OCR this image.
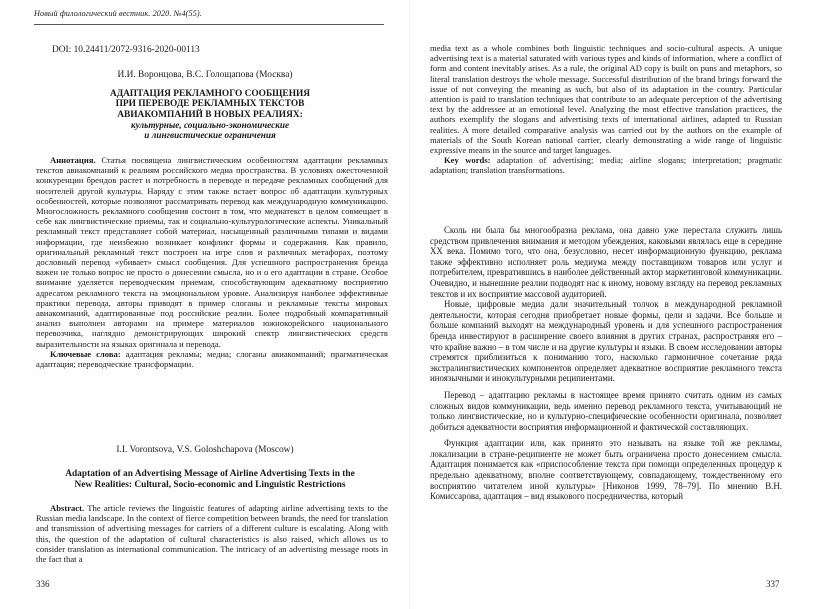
Новый филологический вестник. 2020. №4(55).
DOI: 10.24411/2072-9316-2020-00113
И.И. Воронцова, В.С. Голощапова (Москва)
АДАПТАЦИЯ РЕКЛАМНОГО СООБЩЕНИЯ
ПРИ ПЕРЕВОДЕ РЕКЛАМНЫХ ТЕКСТОВ
АВИАКОМПАНИЙ В НОВЫХ РЕАЛИЯХ:
культурные, социально-экономические
и лингвистические ограничения

Аннотация. Статья посвящена лингвистическим особенностям адаптации рекламных текстов авиакомпаний к реалиям российского медиа пространства. В условиях ожесточенной конкуренции брендов растет и потребность в переводе и передаче рекламных сообщений для носителей другой культуры. Наряду с этим также встает вопрос об адаптации культурных особенностей, которые позволяют рассматривать перевод как международную коммуникацию. Многосложность рекламного сообщения состоит в том, что медиатекст в целом совмещает в себе как лингвистические приемы, так и социально-культурологические аспекты. Уникальный рекламный текст представляет собой материал, насыщенный различными типами и видами информации, где неизбежно возникает конфликт формы и содержания. Как правило, оригинальный рекламный текст построен на игре слов и различных метафорах, поэтому дословный перевод «убивает» смысл сообщения. Для успешного распространения бренда важен не только вопрос не просто о донесении смысла, но и о его адаптации в стране. Особое внимание уделяется переводческим приемам, способствующим адекватному восприятию адресатом рекламного текста на эмоциональном уровне. Анализируя наиболее эффективные практики перевода, авторы приводят в пример слоганы и рекламные тексты мировых авиакомпаний, адаптированные под российские реалии. Более подробный компаративный анализ выполнен авторами на примере материалов южнокорейского национального перевозчика, наглядно демонстрирующих широкий спектр лингвистических средств выразительности на языках оригинала и перевода.

Ключевые слова: адаптация рекламы; медиа; слоганы авиакомпаний; прагматическая адаптация; переводческие трансформации.

I.I. Vorontsova, V.S. Goloshchapova (Moscow)
Adaptation of an Advertising Message of Airline Advertising Texts in the
New Realities: Cultural, Socio-economic and Linguistic Restrictions

Abstract. The article reviews the linguistic features of adapting airline advertising texts to the Russian media landscape. In the context of fierce competition between brands, the need for translation and transmission of advertising messages for carriers of a different culture is escalating. Along with this, the question of the adaptation of cultural characteristics is also raised, which allows us to consider translation as international communication. The intricacy of an advertising message roots in the fact that a

336

media text as a whole combines both linguistic techniques and socio-cultural aspects. A unique advertising text is a material saturated with various types and kinds of information, where a conflict of form and content inevitably arises. As a rule, the original AD copy is built on puns and metaphors, so literal translation destroys the whole message. Successful distribution of the brand brings forward the issue of not conveying the meaning as such, but also of its adaptation in the country. Particular attention is paid to translation techniques that contribute to an adequate perception of the advertising text by the addressee at an emotional level. Analyzing the most effective translation practices, the authors exemplify the slogans and advertising texts of international airlines, adapted to Russian realities. A more detailed comparative analysis was carried out by the authors on the example of materials of the South Korean national carrier, clearly demonstrating a wide range of linguistic expressive means in the source and target languages.

Key words: adaptation of advertising; media; airline slogans; interpretation; pragmatic adaptation; translation transformations.

Сколь ни была бы многообразна реклама, она давно уже перестала служить лишь средством привлечения внимания и методом убеждения, каковыми являлась еще в середине XX века. Помимо того, что она, безусловно, несет информационную функцию, реклама также эффективно исполняет роль медиума между поставщиком товаров или услуг и потребителем, превратившись в наиболее действенный актор маркетинговой коммуникации. Очевидно, и нынешние реалии подводят нас к иному, новому взгляду на перевод рекламных текстов и их восприятие массовой аудиторией.

Новые, цифровые медиа дали значительный толчок в международной рекламной деятельности, которая сегодня приобретает новые формы, цели и задачи. Все больше и больше компаний выходят на международный уровень и для успешного распространения бренда инвестируют в расширение своего влияния в других странах, распространяя его – что крайне важно – в том числе и на другие культуры и языки. В своем исследовании авторы стремятся приблизиться к пониманию того, насколько гармоничное сочетание ряда экстралингвистических компонентов определяет адекватное восприятие рекламного текста иноязычными и инокультурными реципиентами.

Перевод – адаптацию рекламы в настоящее время принято считать одним из самых сложных видов коммуникации, ведь именно перевод рекламного текста, учитывающий не только лингвистические, но и культурно-специфические особенности оригинала, позволяет добиться адекватности восприятия информационной и фактической составляющих.

Функция адаптации или, как принято это называть на языке той же рекламы, локализации в стране-реципиенте не может быть ограничена просто донесением смысла. Адаптация понимается как «приспособление текста при помощи определенных процедур к предельно адекватному, вполне соответствующему, совпадающему, тождественному его восприятию читателем иной культуры» [Никонов 1999, 78–79]. По мнению В.Н. Комиссарова, адаптация – вид языкового посредничества, который

337
